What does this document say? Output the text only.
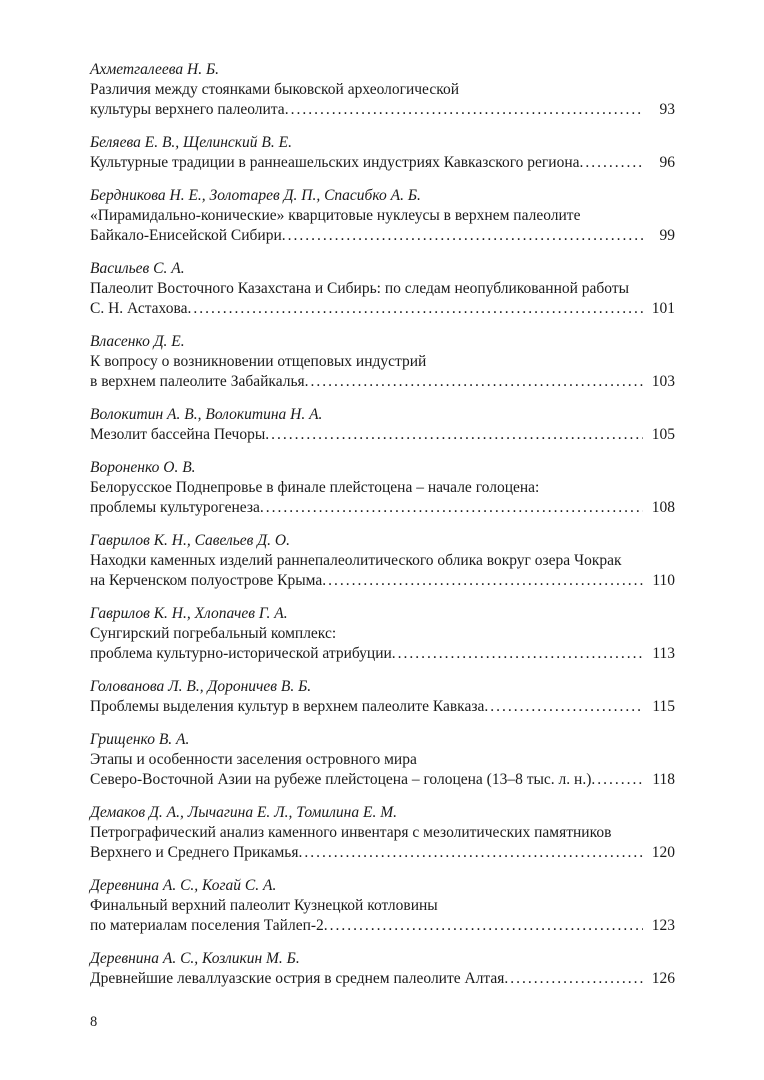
Ахметгалеева Н. Б.
Различия между стоянками быковской археологической
культуры верхнего палеолита .....	93
Беляева Е. В., Щелинский В. Е.
Культурные традиции в раннеашельских индустриях Кавказского региона .....	96
Бердникова Н. Е., Золотарев Д. П., Спасибко А. Б.
«Пирамидально-конические» кварцитовые нуклеусы в верхнем палеолите
Байкало-Енисейской Сибири .....	99
Васильев С. А.
Палеолит Восточного Казахстана и Сибирь: по следам неопубликованной работы
С. Н. Астахова .....	101
Власенко Д. Е.
К вопросу о возникновении отщеповых индустрий
в верхнем палеолите Забайкалья .....	103
Волокитин А. В., Волокитина Н. А.
Мезолит бассейна Печоры .....	105
Вороненко О. В.
Белорусское Поднепровье в финале плейстоцена – начале голоцена:
проблемы культурогенеза .....	108
Гаврилов К. Н., Савельев Д. О.
Находки каменных изделий раннепалеолитического облика вокруг озера Чокрак
на Керченском полуострове Крыма .....	110
Гаврилов К. Н., Хлопачев Г. А.
Сунгирский погребальный комплекс:
проблема культурно-исторической атрибуции .....	113
Голованова Л. В., Дороничев В. Б.
Проблемы выделения культур в верхнем палеолите Кавказа .....	115
Грищенко В. А.
Этапы и особенности заселения островного мира
Северо-Восточной Азии на рубеже плейстоцена – голоцена (13–8 тыс. л. н.) .....	118
Демаков Д. А., Лычагина Е. Л., Томилина Е. М.
Петрографический анализ каменного инвентаря с мезолитических памятников
Верхнего и Среднего Прикамья .....	120
Деревнина А. С., Когай С. А.
Финальный верхний палеолит Кузнецкой котловины
по материалам поселения Тайлеп-2 .....	123
Деревнина А. С., Козликин М. Б.
Древнейшие леваллуазские острия в среднем палеолите Алтая .....	126
8
